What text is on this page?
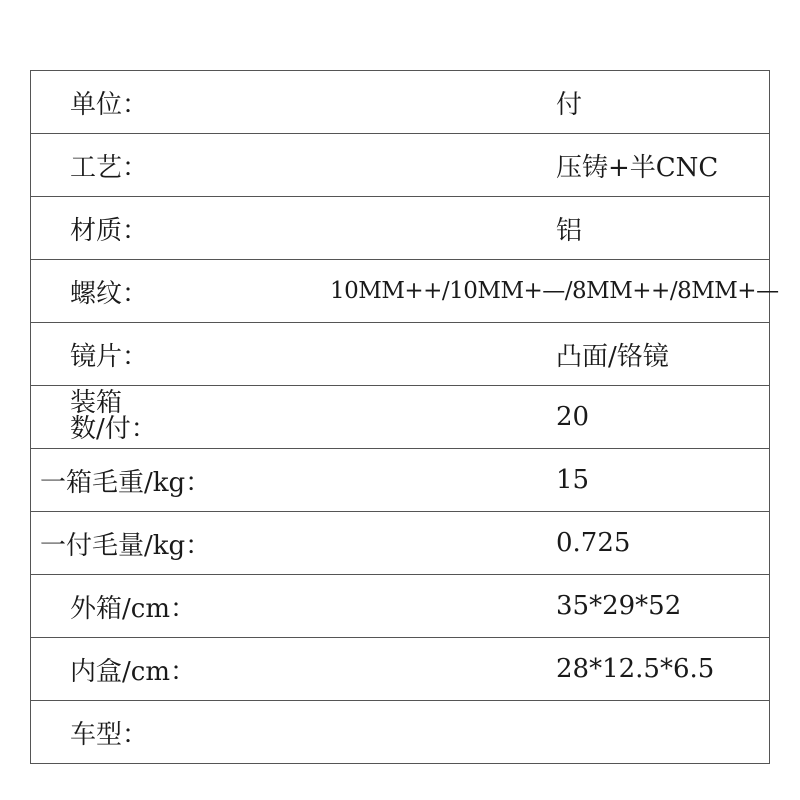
单位：	付
工艺：	压铸+半CNC
材质：	铝
螺纹：	10MM++/10MM+—/8MM++/8MM+—
镜片：	凸面/铬镜

装箱
数/付：	20
一箱毛重/kg：	15
一付毛量/kg：	0.725
外箱/cm：	35*29*52
内盒/cm：	28*12.5*6.5
车型：	
